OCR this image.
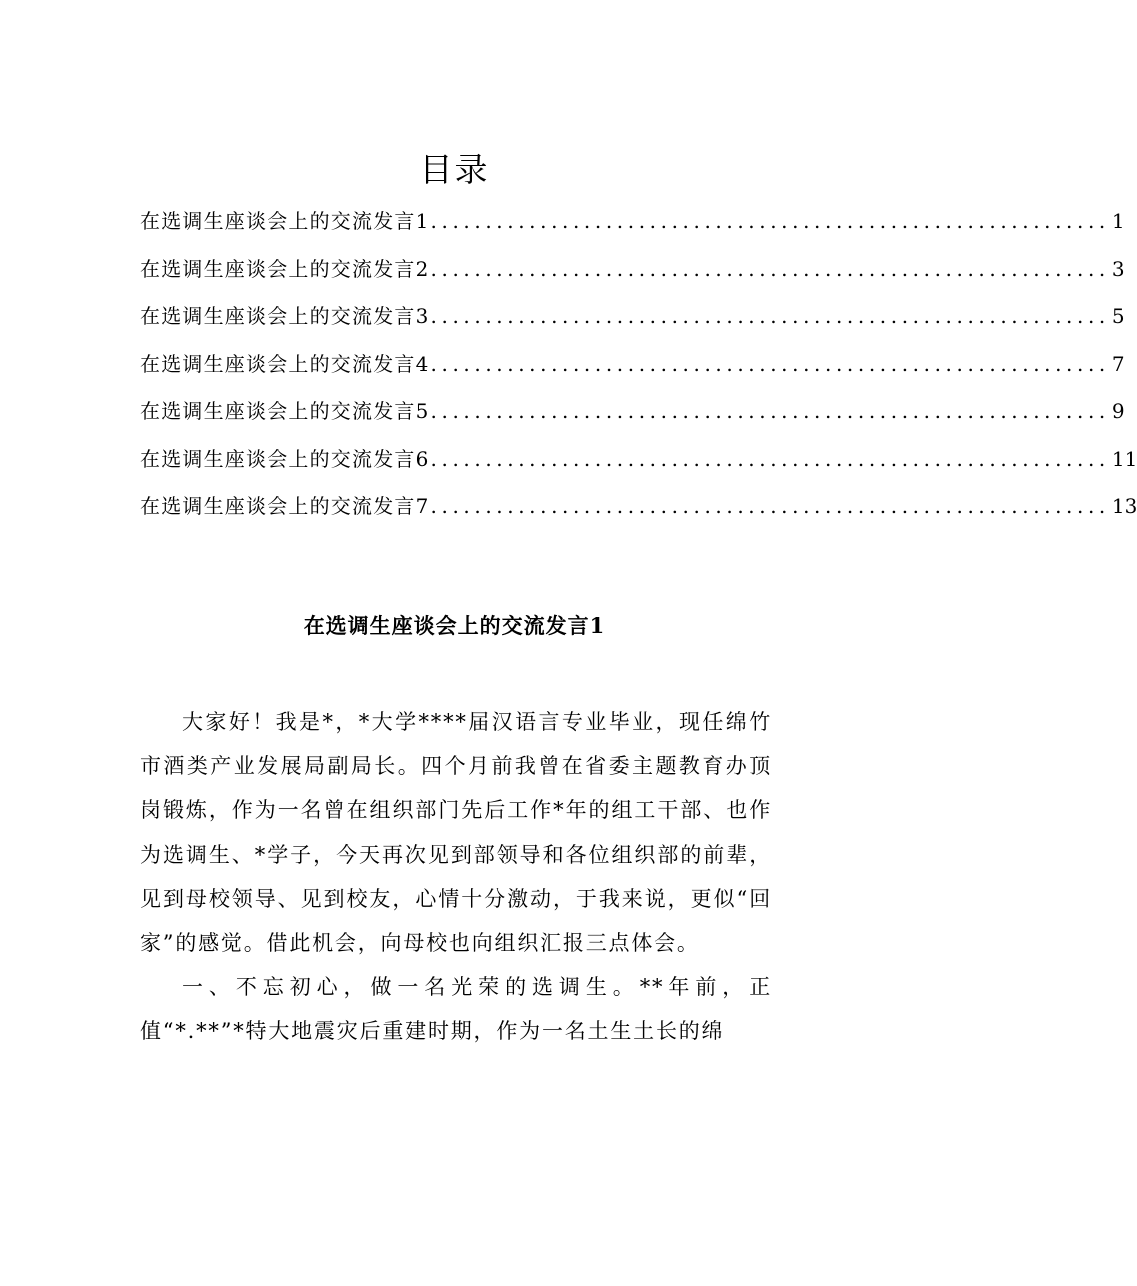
目录
在选调生座谈会上的交流发言1 .............................................................. 1
在选调生座谈会上的交流发言2 .............................................................. 3
在选调生座谈会上的交流发言3 .............................................................. 5
在选调生座谈会上的交流发言4 .............................................................. 7
在选调生座谈会上的交流发言5 .............................................................. 9
在选调生座谈会上的交流发言6 .............................................................. 11
在选调生座谈会上的交流发言7 .............................................................. 13
在选调生座谈会上的交流发言1

大家好！我是*，*大学****届汉语言专业毕业，现任绵竹市酒类产业发展局副局长。四个月前我曾在省委主题教育办顶岗锻炼，作为一名曾在组织部门先后工作*年的组工干部、也作为选调生、*学子，今天再次见到部领导和各位组织部的前辈，见到母校领导、见到校友，心情十分激动，于我来说，更似“回家”的感觉。借此机会，向母校也向组织汇报三点体会。

一、不忘初心，做一名光荣的选调生。**年前，正值“*.**”*特大地震灾后重建时期，作为一名土生土长的绵
